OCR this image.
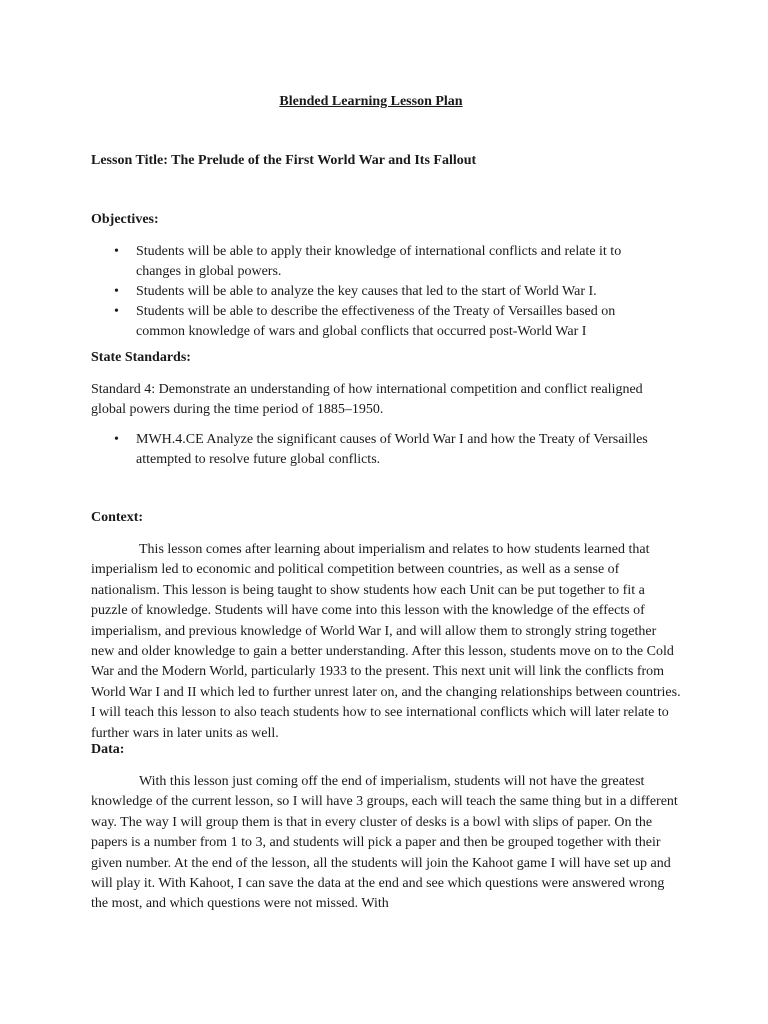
Blended Learning Lesson Plan

Lesson Title: The Prelude of the First World War and Its Fallout

Objectives:
• Students will be able to apply their knowledge of international conflicts and relate it to changes in global powers.
• Students will be able to analyze the key causes that led to the start of World War I.
• Students will be able to describe the effectiveness of the Treaty of Versailles based on common knowledge of wars and global conflicts that occurred post-World War I
State Standards:

Standard 4: Demonstrate an understanding of how international competition and conflict realigned global powers during the time period of 1885–1950.

• MWH.4.CE Analyze the significant causes of World War I and how the Treaty of Versailles attempted to resolve future global conflicts.
Context:

This lesson comes after learning about imperialism and relates to how students learned that imperialism led to economic and political competition between countries, as well as a sense of nationalism. This lesson is being taught to show students how each Unit can be put together to fit a puzzle of knowledge. Students will have come into this lesson with the knowledge of the effects of imperialism, and previous knowledge of World War I, and will allow them to strongly string together new and older knowledge to gain a better understanding. After this lesson, students move on to the Cold War and the Modern World, particularly 1933 to the present. This next unit will link the conflicts from World War I and II which led to further unrest later on, and the changing relationships between countries. I will teach this lesson to also teach students how to see international conflicts which will later relate to further wars in later units as well.

Data:

With this lesson just coming off the end of imperialism, students will not have the greatest knowledge of the current lesson, so I will have 3 groups, each will teach the same thing but in a different way. The way I will group them is that in every cluster of desks is a bowl with slips of paper. On the papers is a number from 1 to 3, and students will pick a paper and then be grouped together with their given number. At the end of the lesson, all the students will join the Kahoot game I will have set up and will play it. With Kahoot, I can save the data at the end and see which questions were answered wrong the most, and which questions were not missed. With
